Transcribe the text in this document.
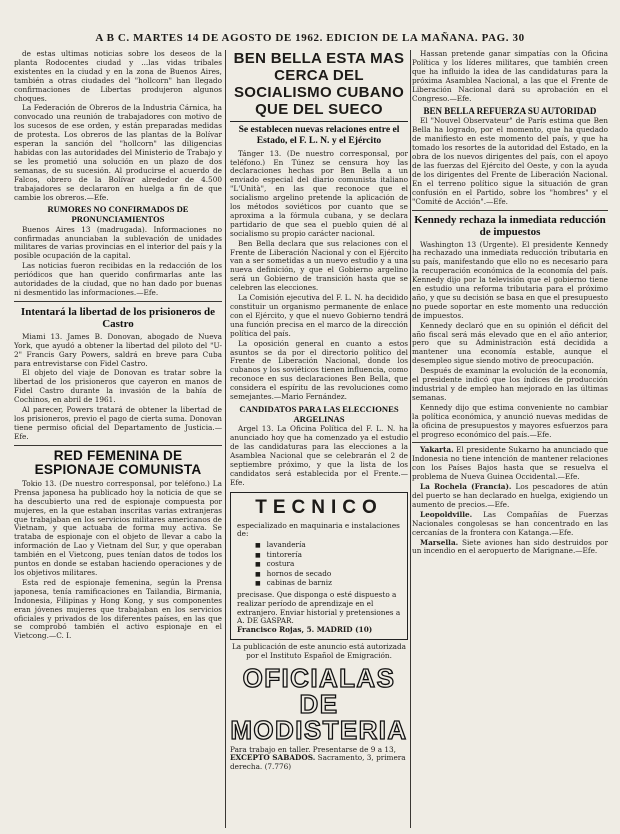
A B C. MARTES 14 DE AGOSTO DE 1962. EDICION DE LA MAÑANA. PAG. 30

de estas ultimas noticias sobre los deseos de la planta Rodocentes ciudad y ...las vidas tribales existentes en la ciudad y en la zona de Buenos Aires, también a otras ciudades del "hollcorn" han llegado confirmaciones de Libertas produjeron algunos choques.

La Federación de Obreros de la Industria Cárnica, ha convocado una reunión de trabajadores con motivo de los sucesos de ese orden, y están preparadas medidas de protesta. Los obreros de las plantas de la Bolívar esperan la sanción del "hollcorn" las diligencias habidas con las autoridades del Ministerio de Trabajo y se les prometió una solución en un plazo de dos semanas, de su sucesión. Al producirse el acuerdo de Falcos, obrero de la Bolívar alrededor de 4.500 trabajadores se declararon en huelga a fin de que cambie los obreros.—Efe.

RUMORES NO CONFIRMADOS DE PRONUNCIAMIENTOS

Buenos Aires 13 (madrugada). Informaciones no confirmadas anunciaban la sublevación de unidades militares de varias provincias en el interior del país y la posible ocupación de la capital.

Las noticias fueron recibidas en la redacción de los periódicos que han querido confirmarlas ante las autoridades de la ciudad, que no han dado por buenas ni desmentido las informaciones.—Efe.

Intentará la libertad de los prisioneros de Castro

Miami 13. James B. Donovan, abogado de Nueva York, que ayudó a obtener la libertad del piloto del "U-2" Francis Gary Powers, saldrá en breve para Cuba para entrevistarse con Fidel Castro.

El objeto del viaje de Donovan es tratar sobre la libertad de los prisioneros que cayeron en manos de Fidel Castro durante la invasión de la bahía de Cochinos, en abril de 1961.

Al parecer, Powers tratará de obtener la libertad de los prisioneros, previo el pago de cierta suma. Donovan tiene permiso oficial del Departamento de Justicia.—Efe.

RED FEMENINA DE ESPIONAJE COMUNISTA

Tokio 13. (De nuestro corresponsal, por teléfono.) La Prensa japonesa ha publicado hoy la noticia de que se ha descubierto una red de espionaje compuesta por mujeres, en la que estaban inscritas varias extranjeras que trabajaban en los servicios militares americanos de Vietnam, y que actuaba de forma muy activa. Se trataba de espionaje con el objeto de llevar a cabo la información de Lao y Vietnam del Sur, y que operaban también en el Vietcong, pues tenían datos de todos los puntos en donde se estaban haciendo operaciones y de los objetivos militares.

Esta red de espionaje femenina, según la Prensa japonesa, tenía ramificaciones en Tailandia, Birmania, Indonesia, Filipinas y Hong Kong, y sus componentes eran jóvenes mujeres que trabajaban en los servicios oficiales y privados de los diferentes países, en las que se comprobó también el activo espionaje en el Vietcong.—C. I.

BEN BELLA ESTA MAS CERCA DEL SOCIALISMO CUBANO QUE DEL SUECO
Se establecen nuevas relaciones entre el Estado, el F. L. N. y el Ejército

Tánger 13. (De nuestro corresponsal, por teléfono.) En Túnez se censura hoy las declaraciones hechas por Ben Bella a un enviado especial del diario comunista italiano "L'Unità", en las que reconoce que el socialismo argelino pretende la aplicación de los métodos soviéticos por cuanto que se aproxima a la fórmula cubana, y se declara partidario de que sea el pueblo quien dé al socialismo su propio carácter nacional.

Ben Bella declara que sus relaciones con el Frente de Liberación Nacional y con el Ejército van a ser sometidas a un nuevo estudio y a una nueva definición, y que el Gobierno argelino será un Gobierno de transición hasta que se celebren las elecciones.

La Comisión ejecutiva del F. L. N. ha decidido constituir un organismo permanente de enlace con el Ejército, y que el nuevo Gobierno tendrá una función precisa en el marco de la dirección política del país.

La oposición general en cuanto a estos asuntos se da por el directorio político del Frente de Liberación Nacional, donde los cubanos y los soviéticos tienen influencia, como reconoce en sus declaraciones Ben Bella, que considera el espíritu de las revoluciones como semejantes.—Mario Fernández.

CANDIDATOS PARA LAS ELECCIONES ARGELINAS

Argel 13. La Oficina Política del F. L. N. ha anunciado hoy que ha comenzado ya el estudio de las candidaturas para las elecciones a la Asamblea Nacional que se celebrarán el 2 de septiembre próximo, y que la lista de los candidatos será establecida por el Frente.—Efe.

TECNICO
especializado en maquinaria e instalaciones de:
■ lavandería
■ tintorería
■ costura
■ hornos de secado
■ cabinas de barniz
precisase. Que disponga o esté dispuesto a realizar período de aprendizaje en el extranjero. Enviar historial y pretensiones a A. DE GASPAR.
Francisco Rojas, 5. MADRID (10)
La publicación de este anuncio está autorizada por el Instituto Español de Emigración.
OFICIALAS DE MODISTERIA
Para trabajo en taller. Presentarse de 9 a 13, EXCEPTO SABADOS. Sacramento, 3, primera derecha. (7.776)

Hassan pretende ganar simpatías con la Oficina Política y los líderes militares, que también creen que ha influido la idea de las candidaturas para la próxima Asamblea Nacional, a las que el Frente de Liberación Nacional dará su aprobación en el Congreso.—Efe.

BEN BELLA REFUERZA SU AUTORIDAD

El "Nouvel Observateur" de París estima que Ben Bella ha logrado, por el momento, que ha quedado de manifiesto en este momento del país, y que ha tomado los resortes de la autoridad del Estado, en la obra de los nuevos dirigentes del país, con el apoyo de las fuerzas del Ejército del Oeste, y con la ayuda de los dirigentes del Frente de Liberación Nacional. En el terreno político sigue la situación de gran confusión en el Partido, sobre los "hombres" y el "Comité de Acción".—Efe.

Kennedy rechaza la inmediata reducción de impuestos

Washington 13 (Urgente). El presidente Kennedy ha rechazado una inmediata reducción tributaria en su país, manifestando que ello no es necesario para la recuperación económica de la economía del país. Kennedy dijo por la televisión que el gobierno tiene en estudio una reforma tributaria para el próximo año, y que su decisión se basa en que el presupuesto no puede soportar en este momento una reducción de impuestos.

Kennedy declaró que en su opinión el déficit del año fiscal será más elevado que en el año anterior, pero que su Administración está decidida a mantener una economía estable, aunque el desempleo sigue siendo motivo de preocupación.

Después de examinar la evolución de la economía, el presidente indicó que los índices de producción industrial y de empleo han mejorado en las últimas semanas.

Kennedy dijo que estima conveniente no cambiar la política económica, y anunció nuevas medidas de la oficina de presupuestos y mayores esfuerzos para el progreso económico del país.—Efe.

Yakarta. El presidente Sukarno ha anunciado que Indonesia no tiene intención de mantener relaciones con los Países Bajos hasta que se resuelva el problema de Nueva Guinea Occidental.—Efe.

La Rochela (Francia). Los pescadores de atún del puerto se han declarado en huelga, exigiendo un aumento de precios.—Efe.

Leopoldville. Las Compañías de Fuerzas Nacionales congolesas se han concentrado en las cercanías de la frontera con Katanga.—Efe.

Marsella. Siete aviones han sido destruidos por un incendio en el aeropuerto de Marignane.—Efe.
